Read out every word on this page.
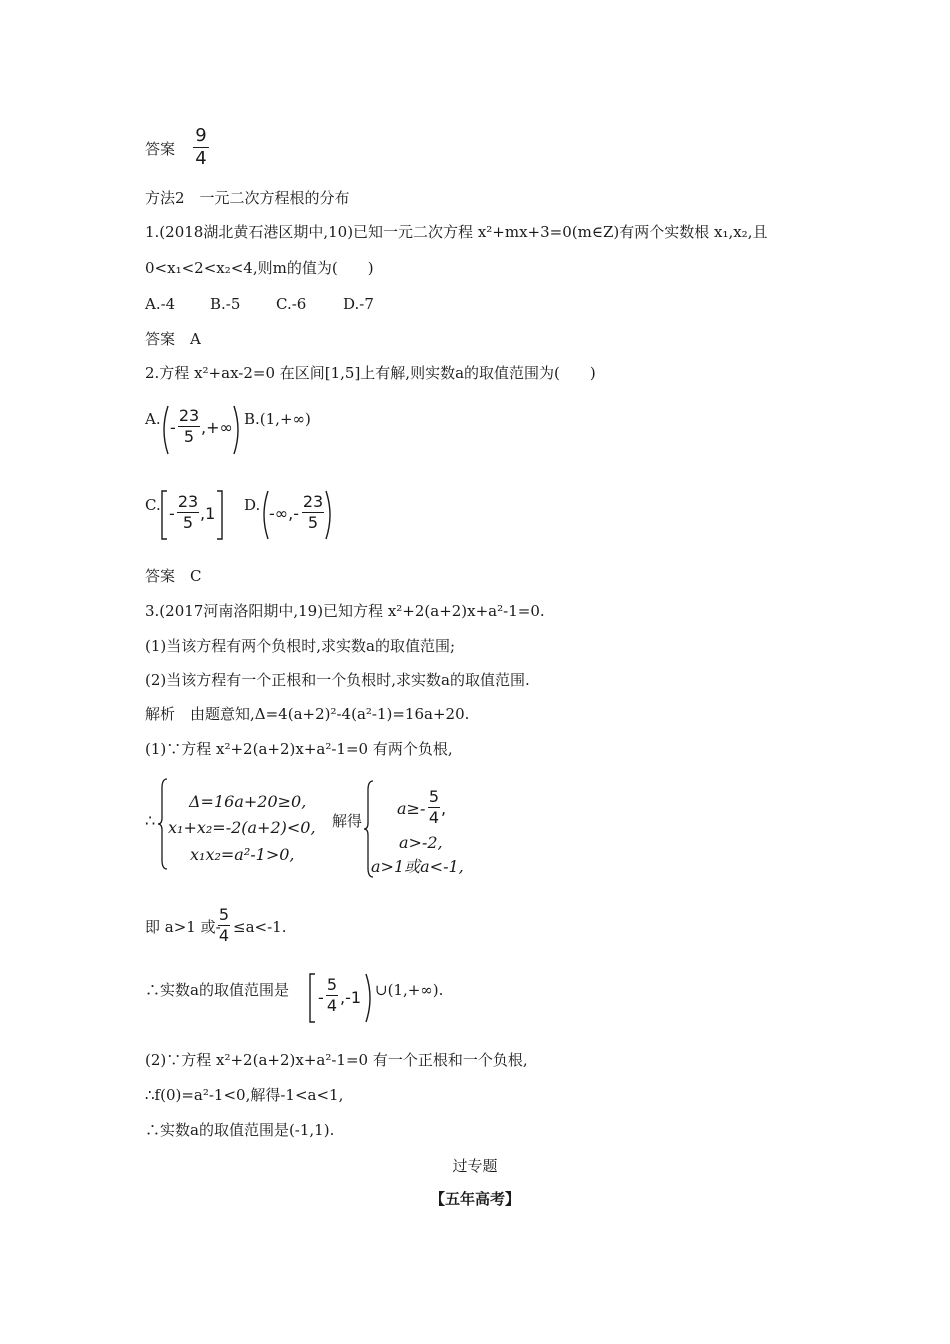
答案
9
4
方法2　一元二次方程根的分布
1.(2018湖北黄石港区期中,10)已知一元二次方程 x²+mx+3=0(m∈Z)有两个实数根 x₁,x₂,且
0<x₁<2<x₂<4,则m的值为(　　)
A.-4 B.-5 C.-6 D.-7
答案　A
2.方程 x²+ax-2=0 在区间[1,5]上有解,则实数a的取值范围为(　　)
A. -
23
5 ,+∞ B.(1,+∞)
C. -
23
5 ,1 D. -∞,-
23
5
答案　C
3.(2017河南洛阳期中,19)已知方程 x²+2(a+2)x+a²-1=0.
(1)当该方程有两个负根时,求实数a的取值范围;
(2)当该方程有一个正根和一个负根时,求实数a的取值范围.
解析　由题意知,Δ=4(a+2)²-4(a²-1)=16a+20.
(1)∵方程 x²+2(a+2)x+a²-1=0 有两个负根,
∴
Δ=16a+20≥0,
x₁+x₂=-2(a+2)<0,
x₁x₂=a²-1>0,
解得
a≥-
5
4 ,
a>-2,
a>1或a<-1,
即 a>1 或-
5
4 ≤a<-1.
∴实数a的取值范围是 -
5
4 ,-1 ∪(1,+∞).
(2)∵方程 x²+2(a+2)x+a²-1=0 有一个正根和一个负根,
∴f(0)=a²-1<0,解得-1<a<1,
∴实数a的取值范围是(-1,1).
过专题
【五年高考】
